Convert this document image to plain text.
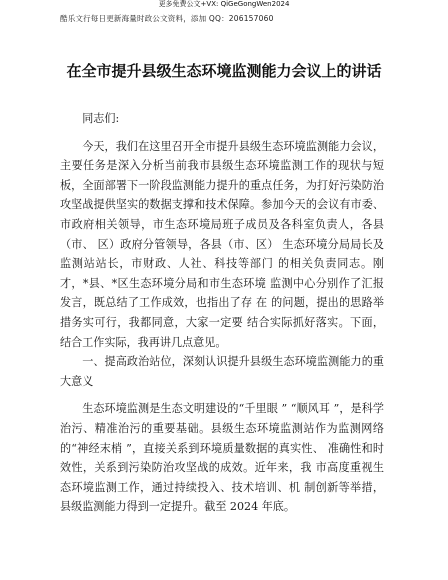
更多免费公文+VX: QiGeGongWen2024
酷乐文行每日更新海量时政公文资料，添加 QQ：206157060
在全市提升县级生态环境监测能力会议上的讲话

同志们:

今天，我们在这里召开全市提升县级生态环境监测能力会议，主要任务是深入分析当前我市县级生态环境监测工作的现状与短板，全面部署下一阶段监测能力提升的重点任务，为打好污染防治攻坚战提供坚实的数据支撑和技术保障。参加今天的会议有市委、市政府相关领导，市生态环境局班子成员及各科室负责人，各县（市、 区）政府分管领导，各县（市、区） 生态环境分局局长及监测站站长，市财政、人社、科技等部门 的相关负责同志。刚才，*县、*区生态环境分局和市生态环境 监测中心分别作了汇报发言，既总结了工作成效，也指出了存 在 的问题，提出的思路举措务实可行，我都同意，大家一定要 结合实际抓好落实。下面，结合工作实际，我再讲几点意见。

一、提高政治站位，深刻认识提升县级生态环境监测能力的重大意义

生态环境监测是生态文明建设的“千里眼 ” “顺风耳 ”，是科学治污、精准治污的重要基础。县级生态环境监测站作为监测网络的“神经末梢 ”，直接关系到环境质量数据的真实性、 准确性和时效性，关系到污染防治攻坚战的成效。近年来，我 市高度重视生态环境监测工作，通过持续投入、技术培训、机 制创新等举措，县级监测能力得到一定提升。截至 2024 年底。
